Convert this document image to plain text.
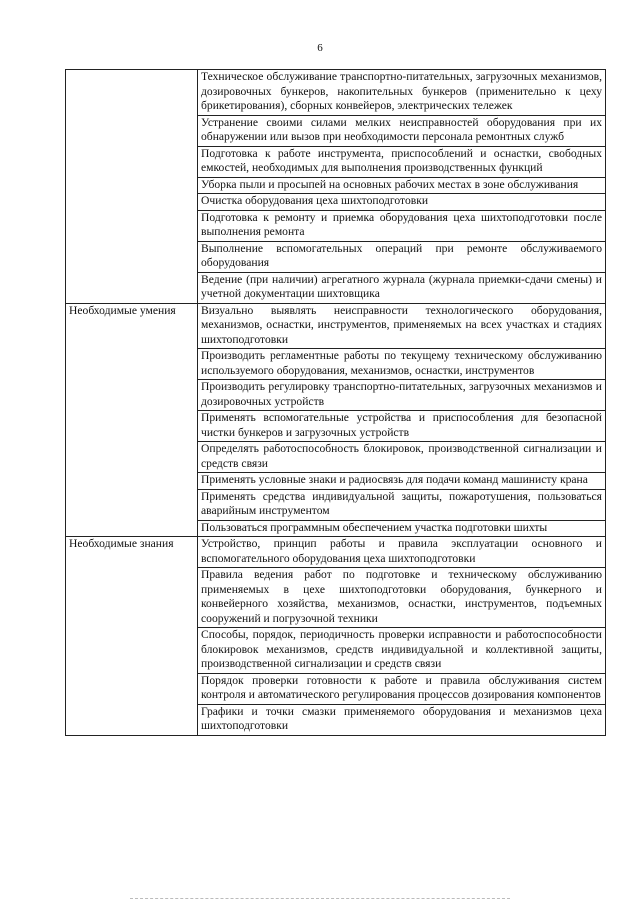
6
	Техническое обслуживание транспортно-питательных, загрузочных механизмов, дозировочных бункеров, накопительных бункеров (применительно к цеху брикетирования), сборных конвейеров, электрических тележек
	Устранение своими силами мелких неисправностей оборудования при их обнаружении или вызов при необходимости персонала ремонтных служб
	Подготовка к работе инструмента, приспособлений и оснастки, свободных емкостей, необходимых для выполнения производственных функций
	Уборка пыли и просыпей на основных рабочих местах в зоне обслуживания
	Очистка оборудования цеха шихтоподготовки
	Подготовка к ремонту и приемка оборудования цеха шихтоподготовки после выполнения ремонта
	Выполнение вспомогательных операций при ремонте обслуживаемого оборудования
	Ведение (при наличии) агрегатного журнала (журнала приемки-сдачи смены) и учетной документации шихтовщика
Необходимые умения	Визуально выявлять неисправности технологического оборудования, механизмов, оснастки, инструментов, применяемых на всех участках и стадиях шихтоподготовки
	Производить регламентные работы по текущему техническому обслуживанию используемого оборудования, механизмов, оснастки, инструментов
	Производить регулировку транспортно-питательных, загрузочных механизмов и дозировочных устройств
	Применять вспомогательные устройства и приспособления для безопасной чистки бункеров и загрузочных устройств
	Определять работоспособность блокировок, производственной сигнализации и средств связи
	Применять условные знаки и радиосвязь для подачи команд машинисту крана
	Применять средства индивидуальной защиты, пожаротушения, пользоваться аварийным инструментом
	Пользоваться программным обеспечением участка подготовки шихты
Необходимые знания	Устройство, принцип работы и правила эксплуатации основного и вспомогательного оборудования цеха шихтоподготовки
	Правила ведения работ по подготовке и техническому обслуживанию применяемых в цехе шихтоподготовки оборудования, бункерного и конвейерного хозяйства, механизмов, оснастки, инструментов, подъемных сооружений и погрузочной техники
	Способы, порядок, периодичность проверки исправности и работоспособности блокировок механизмов, средств индивидуальной и коллективной защиты, производственной сигнализации и средств связи
	Порядок проверки готовности к работе и правила обслуживания систем контроля и автоматического регулирования процессов дозирования компонентов
	Графики и точки смазки применяемого оборудования и механизмов цеха шихтоподготовки
